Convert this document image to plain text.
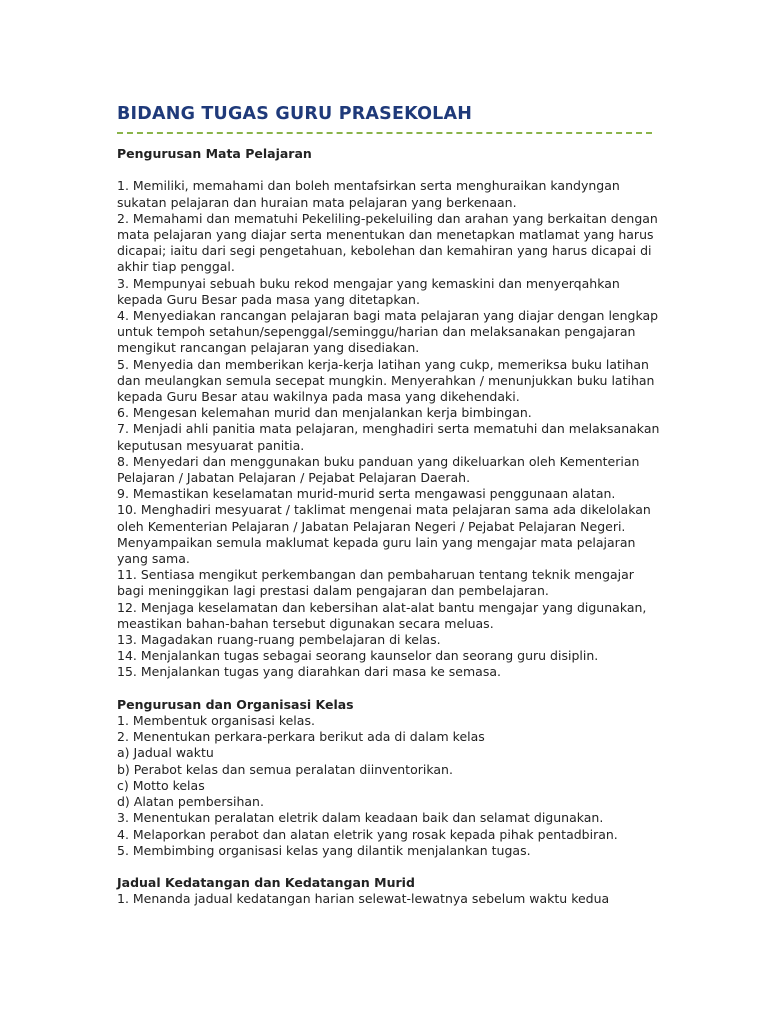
BIDANG TUGAS GURU PRASEKOLAH

Pengurusan Mata Pelajaran

1. Memiliki, memahami dan boleh mentafsirkan serta menghuraikan kandyngan

sukatan pelajaran dan huraian mata pelajaran yang berkenaan.

2. Memahami dan mematuhi Pekeliling-pekeluiling dan arahan yang berkaitan dengan

mata pelajaran yang diajar serta menentukan dan menetapkan matlamat yang harus

dicapai; iaitu dari segi pengetahuan, kebolehan dan kemahiran yang harus dicapai di

akhir tiap penggal.

3. Mempunyai sebuah buku rekod mengajar yang kemaskini dan menyerqahkan

kepada Guru Besar pada masa yang ditetapkan.

4. Menyediakan rancangan pelajaran bagi mata pelajaran yang diajar dengan lengkap

untuk tempoh setahun/sepenggal/seminggu/harian dan melaksanakan pengajaran

mengikut rancangan pelajaran yang disediakan.

5. Menyedia dan memberikan kerja-kerja latihan yang cukp, memeriksa buku latihan

dan meulangkan semula secepat mungkin. Menyerahkan / menunjukkan buku latihan

kepada Guru Besar atau wakilnya pada masa yang dikehendaki.

6. Mengesan kelemahan murid dan menjalankan kerja bimbingan.

7. Menjadi ahli panitia mata pelajaran, menghadiri serta mematuhi dan melaksanakan

keputusan mesyuarat panitia.

8. Menyedari dan menggunakan buku panduan yang dikeluarkan oleh Kementerian

Pelajaran / Jabatan Pelajaran / Pejabat Pelajaran Daerah.

9. Memastikan keselamatan murid-murid serta mengawasi penggunaan alatan.

10. Menghadiri mesyuarat / taklimat mengenai mata pelajaran sama ada dikelolakan

oleh Kementerian Pelajaran / Jabatan Pelajaran Negeri / Pejabat Pelajaran Negeri.

Menyampaikan semula maklumat kepada guru lain yang mengajar mata pelajaran

yang sama.

11. Sentiasa mengikut perkembangan dan pembaharuan tentang teknik mengajar

bagi meninggikan lagi prestasi dalam pengajaran dan pembelajaran.

12. Menjaga keselamatan dan kebersihan alat-alat bantu mengajar yang digunakan,

meastikan bahan-bahan tersebut digunakan secara meluas.

13. Magadakan ruang-ruang pembelajaran di kelas.

14. Menjalankan tugas sebagai seorang kaunselor dan seorang guru disiplin.

15. Menjalankan tugas yang diarahkan dari masa ke semasa.

Pengurusan dan Organisasi Kelas

1. Membentuk organisasi kelas.

2. Menentukan perkara-perkara berikut ada di dalam kelas

a) Jadual waktu

b) Perabot kelas dan semua peralatan diinventorikan.

c) Motto kelas

d) Alatan pembersihan.

3. Menentukan peralatan eletrik dalam keadaan baik dan selamat digunakan.

4. Melaporkan perabot dan alatan eletrik yang rosak kepada pihak pentadbiran.

5. Membimbing organisasi kelas yang dilantik menjalankan tugas.

Jadual Kedatangan dan Kedatangan Murid

1. Menanda jadual kedatangan harian selewat-lewatnya sebelum waktu kedua
